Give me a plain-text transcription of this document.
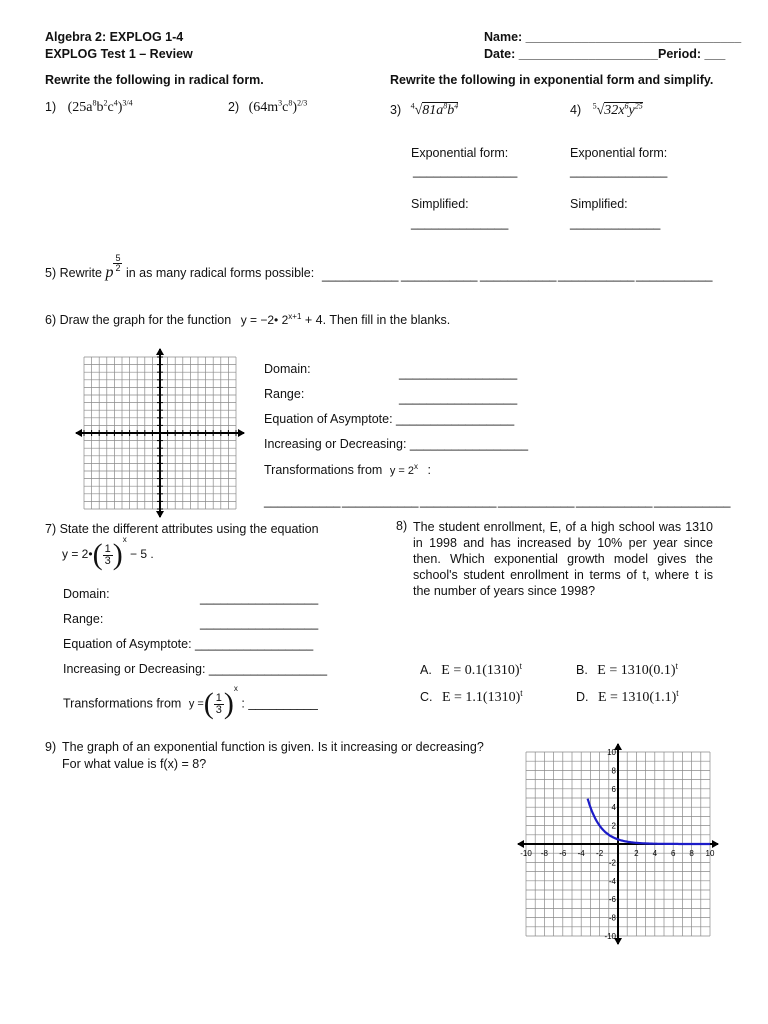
Algebra 2: EXPLOG 1-4
EXPLOG Test 1 – Review
Name: _______________________________
Date: ____________________ Period: ___
Rewrite the following in radical form.	Rewrite the following in exponential form and simplify.
1) $(25a^8b^2c^4)^{3/4}$	2) $(64m^3c^8)^{2/3}$
3) $^4√81a^8b^4$
Exponential form:
_______________
Simplified:
______________
4) $^5√32x^6y^{25}$
Exponential form:
______________
Simplified:
_____________
5) Rewrite p $\frac{5}{2}$ in as many radical forms possible: ___________ ___________ ___________ ___________ ___________
6) Draw the graph for the function y = −2• $2^{x+1} + 4$. Then fill in the blanks.
Domain:	_________________
Range:	_________________
Equation of Asymptote: _________________
Increasing or Decreasing: _________________
Transformations from $y = 2^x$ :
___________ ___________ ___________ ___________ ___________ ___________
7) State the different attributes using the equation
y = 2•( $\frac{1}{3} )^x - 5$ .
Domain:	_________________
Range:	_________________
Equation of Asymptote: _________________
Increasing or Decreasing: _________________
Transformations from y =( $\frac{1}{3} )^x$ : __________
8) The student enrollment, E, of a high school was 1310 in 1998 and has increased by 10% per year since then. Which exponential growth model gives the school's student enrollment in terms of t, where t is the number of years since 1998?
A. $E = 0.1(1310)^t$	B. $E = 1310(0.1)^t$
C. $E = 1.1(1310)^t$	D. $E = 1310(1.1)^t$
9) The graph of an exponential function is given. Is it increasing or decreasing?
For what value is f(x) = 8?
-10 -8 -6 -4 -2	2 4 6 8 10
10
8
6
4
2
-2
-4
-6
-8
-10
